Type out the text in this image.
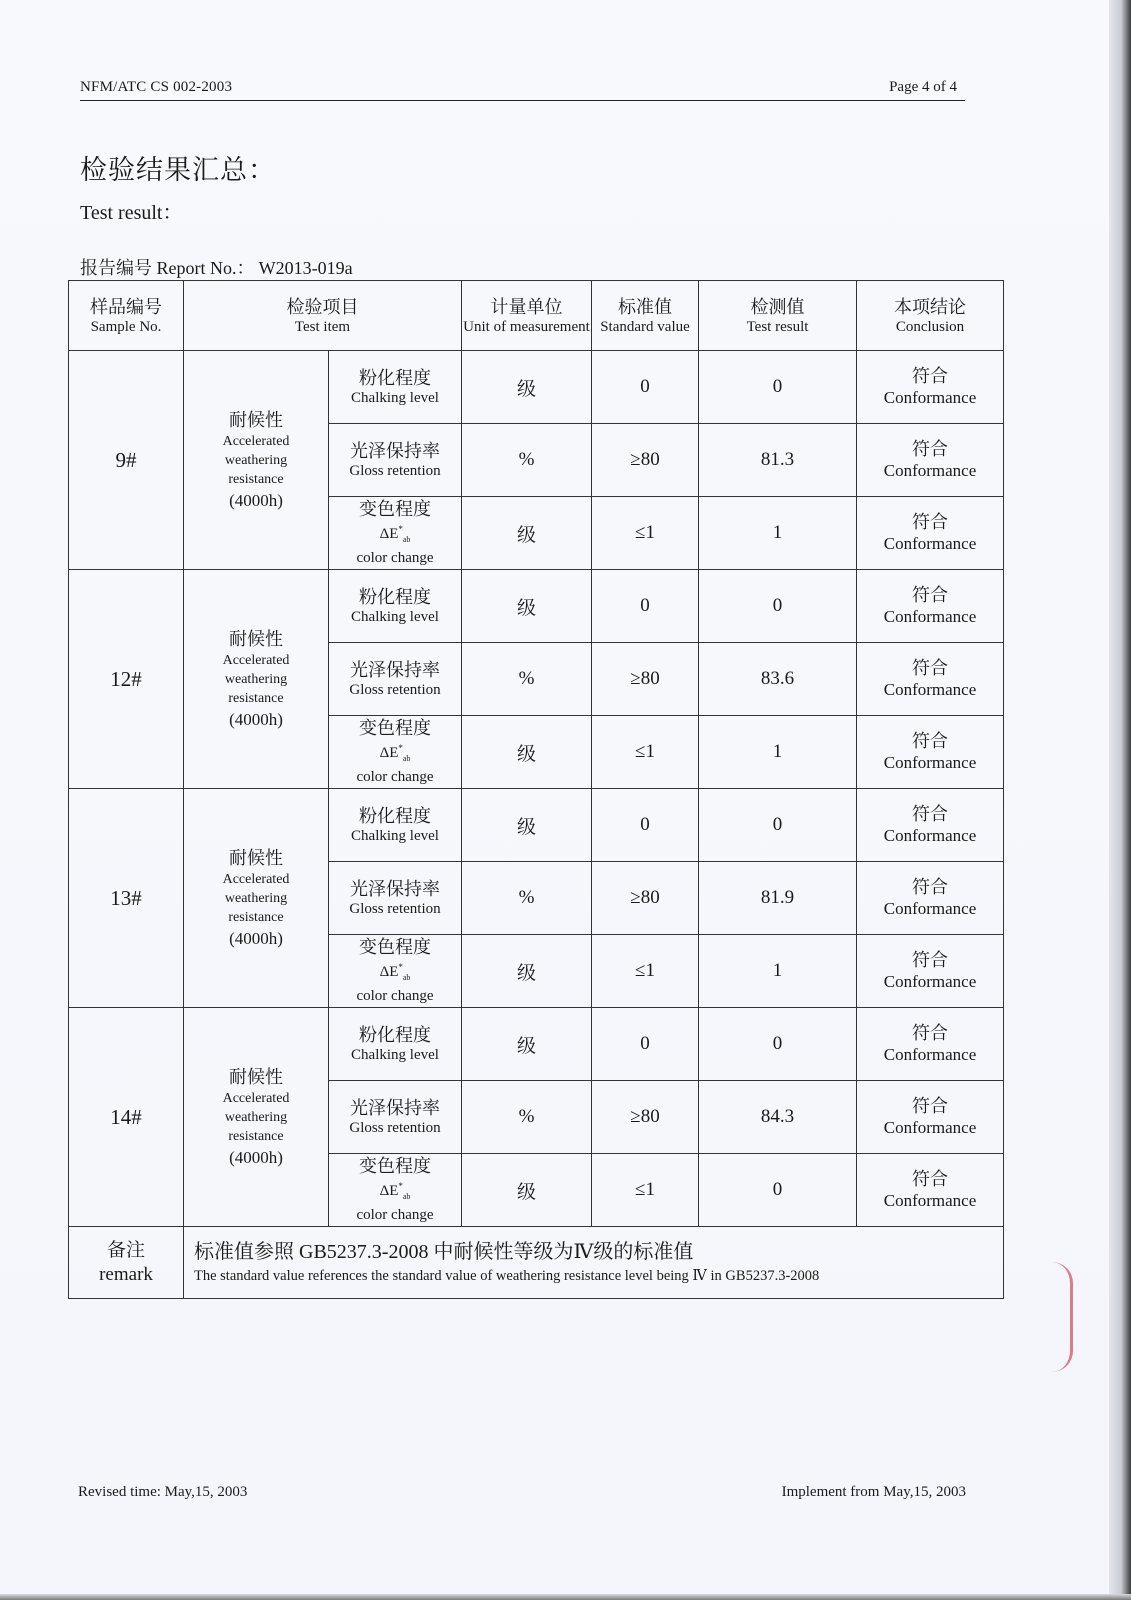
NFM/ATC CS 002-2003	Page 4 of 4
检验结果汇总：
Test result：
报告编号 Report No.： W2013-019a
样品编号
Sample No.	检验项目
Test item		计量单位
Unit of measurement	标准值
Standard value	检测值
Test result	本项结论
Conclusion

9#	耐候性
Accelerated
weathering
resistance
(4000h)	粉化程度
Chalking level	级	0	0	符合
Conformance

		光泽保持率
Gloss retention	%	≥80	81.3	符合
Conformance

		变色程度
$\Delta E^*_{ab}$
color change	级	≤1	1	符合
Conformance

12#	耐候性
Accelerated
weathering
resistance
(4000h)	粉化程度
Chalking level	级	0	0	符合
Conformance

		光泽保持率
Gloss retention	%	≥80	83.6	符合
Conformance

		变色程度
$\Delta E^*_{ab}$
color change	级	≤1	1	符合
Conformance

13#	耐候性
Accelerated
weathering
resistance
(4000h)	粉化程度
Chalking level	级	0	0	符合
Conformance

		光泽保持率
Gloss retention	%	≥80	81.9	符合
Conformance

		变色程度
$\Delta E^*_{ab}$
color change	级	≤1	1	符合
Conformance

14#	耐候性
Accelerated
weathering
resistance
(4000h)	粉化程度
Chalking level	级	0	0	符合
Conformance

		光泽保持率
Gloss retention	%	≥80	84.3	符合
Conformance

		变色程度
$\Delta E^*_{ab}$
color change	级	≤1	0	符合
Conformance

备注
remark	标准值参照 GB5237.3-2008 中耐候性等级为Ⅳ级的标准值
The standard value references the standard value of weathering resistance level being Ⅳ in GB5237.3-2008					
Revised time: May,15, 2003	Implement from May,15, 2003
